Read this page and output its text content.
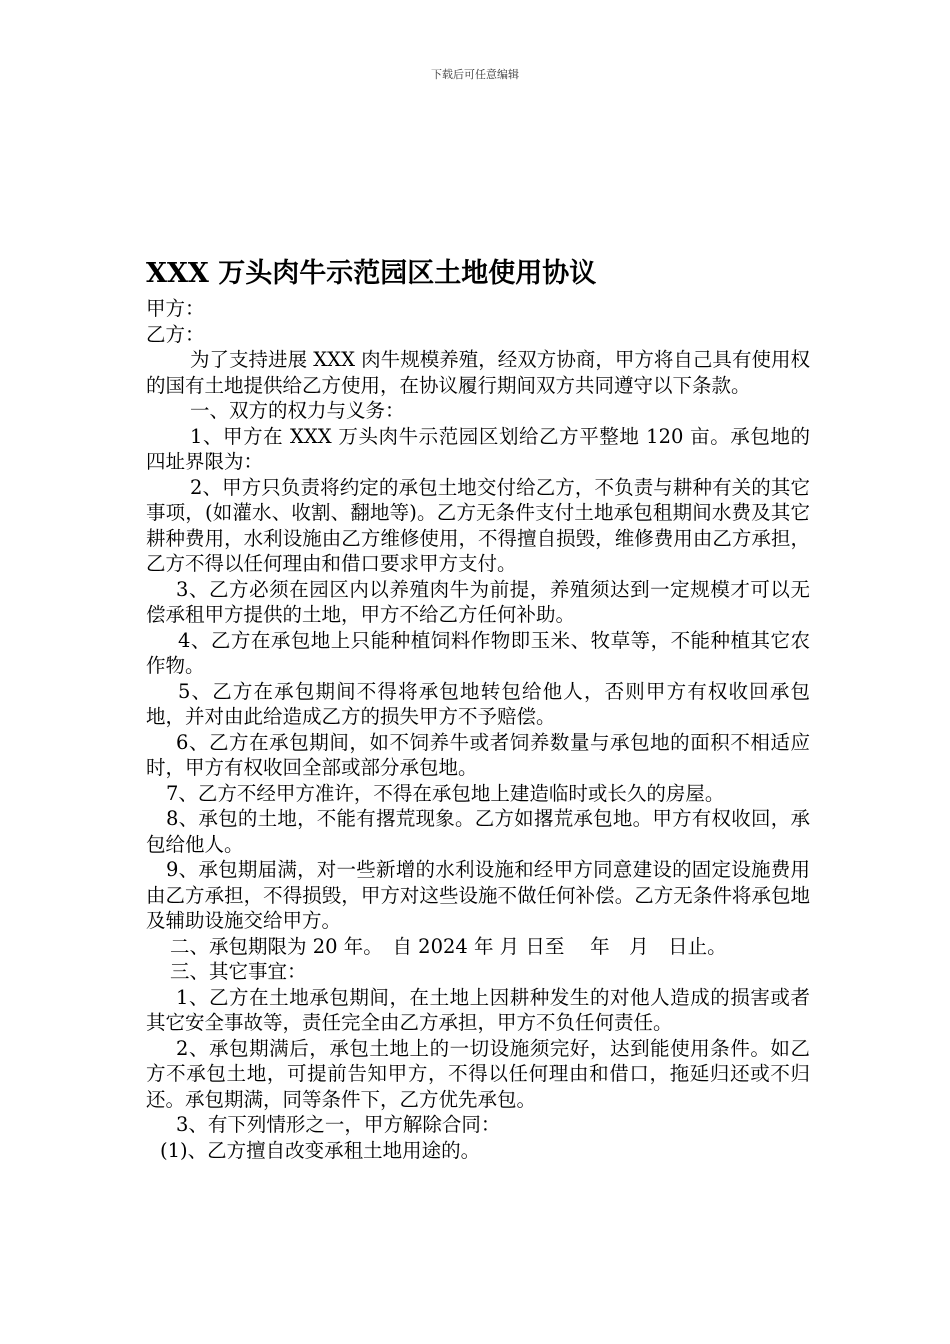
下载后可任意编辑
XXX 万头肉牛示范园区土地使用协议

甲方：

乙方：

为了支持进展 XXX 肉牛规模养殖，经双方协商，甲方将自己具有使用权的国有土地提供给乙方使用，在协议履行期间双方共同遵守以下条款。

一、双方的权力与义务：

1、甲方在 XXX 万头肉牛示范园区划给乙方平整地 120 亩。承包地的四址界限为：

2、甲方只负责将约定的承包土地交付给乙方，不负责与耕种有关的其它事项，(如灌水、收割、翻地等)。乙方无条件支付土地承包租期间水费及其它耕种费用，水利设施由乙方维修使用，不得擅自损毁，维修费用由乙方承担，乙方不得以任何理由和借口要求甲方支付。

3、乙方必须在园区内以养殖肉牛为前提，养殖须达到一定规模才可以无偿承租甲方提供的土地，甲方不给乙方任何补助。

4、乙方在承包地上只能种植饲料作物即玉米、牧草等，不能种植其它农作物。

5、乙方在承包期间不得将承包地转包给他人，否则甲方有权收回承包地，并对由此给造成乙方的损失甲方不予赔偿。

6、乙方在承包期间，如不饲养牛或者饲养数量与承包地的面积不相适应时，甲方有权收回全部或部分承包地。

7、乙方不经甲方准许，不得在承包地上建造临时或长久的房屋。

8、承包的土地，不能有撂荒现象。乙方如撂荒承包地。甲方有权收回，承包给他人。

9、承包期届满，对一些新增的水利设施和经甲方同意建设的固定设施费用由乙方承担，不得损毁，甲方对这些设施不做任何补偿。乙方无条件将承包地及辅助设施交给甲方。

二、承包期限为 20 年。　自 2024 年 月 日至　 年　月　日止。

三、其它事宜：

1、乙方在土地承包期间，在土地上因耕种发生的对他人造成的损害或者其它安全事故等，责任完全由乙方承担，甲方不负任何责任。

2、承包期满后，承包土地上的一切设施须完好，达到能使用条件。如乙方不承包土地，可提前告知甲方，不得以任何理由和借口，拖延归还或不归还。承包期满，同等条件下，乙方优先承包。

3、有下列情形之一，甲方解除合同：

(1)、乙方擅自改变承租土地用途的。
